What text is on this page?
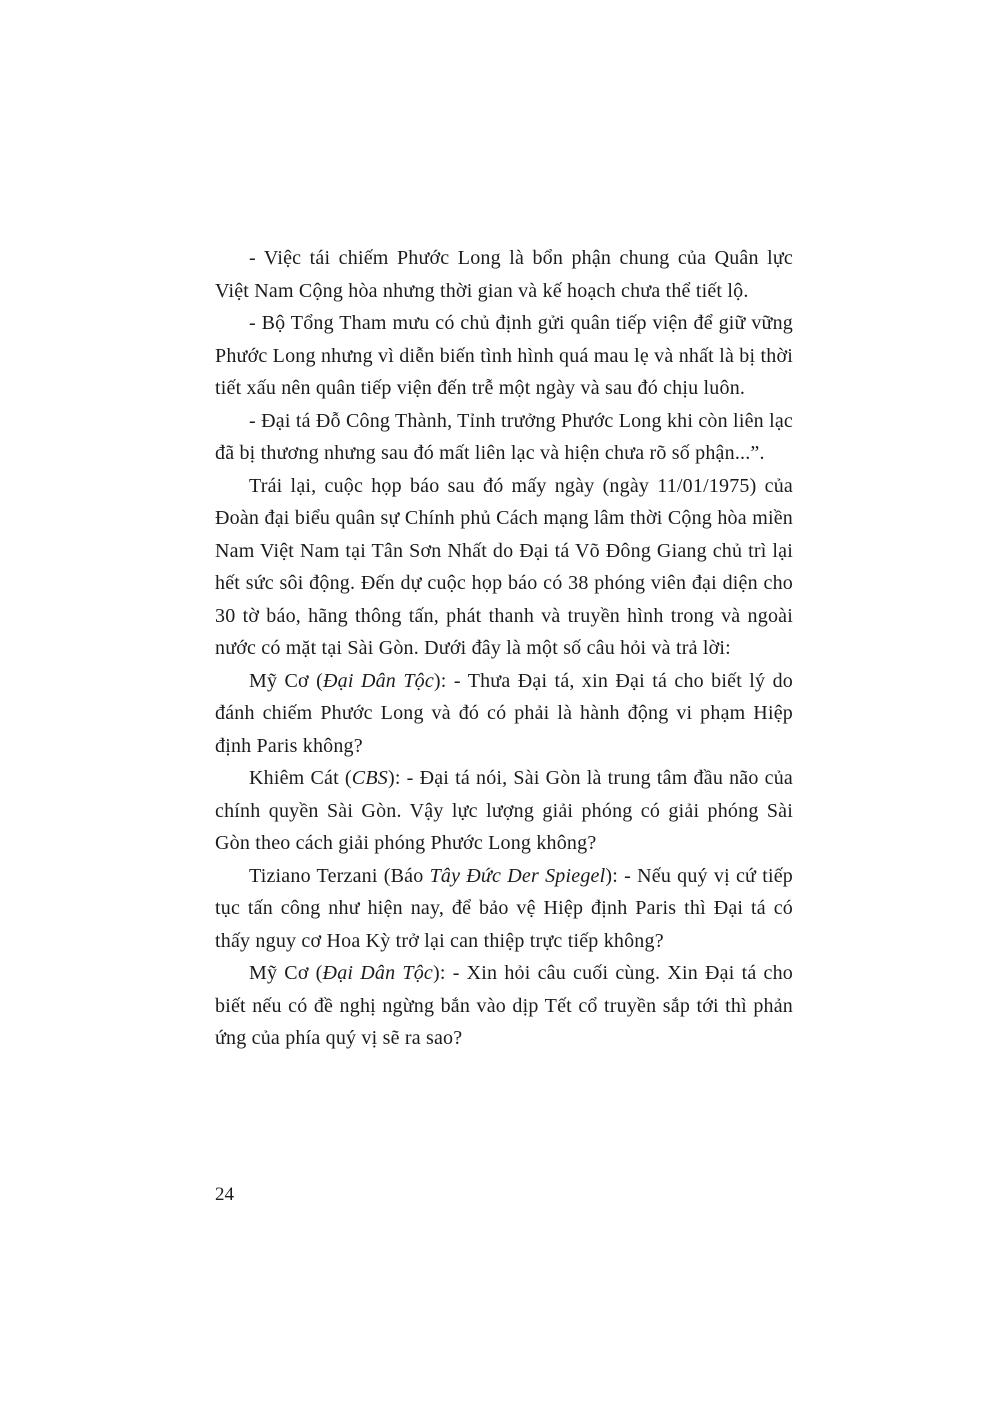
- Việc tái chiếm Phước Long là bổn phận chung của Quân lực Việt Nam Cộng hòa nhưng thời gian và kế hoạch chưa thể tiết lộ.

- Bộ Tổng Tham mưu có chủ định gửi quân tiếp viện để giữ vững Phước Long nhưng vì diễn biến tình hình quá mau lẹ và nhất là bị thời tiết xấu nên quân tiếp viện đến trễ một ngày và sau đó chịu luôn.

- Đại tá Đỗ Công Thành, Tỉnh trưởng Phước Long khi còn liên lạc đã bị thương nhưng sau đó mất liên lạc và hiện chưa rõ số phận...”.

Trái lại, cuộc họp báo sau đó mấy ngày (ngày 11/01/1975) của Đoàn đại biểu quân sự Chính phủ Cách mạng lâm thời Cộng hòa miền Nam Việt Nam tại Tân Sơn Nhất do Đại tá Võ Đông Giang chủ trì lại hết sức sôi động. Đến dự cuộc họp báo có 38 phóng viên đại diện cho 30 tờ báo, hãng thông tấn, phát thanh và truyền hình trong và ngoài nước có mặt tại Sài Gòn. Dưới đây là một số câu hỏi và trả lời:

Mỹ Cơ (Đại Dân Tộc): - Thưa Đại tá, xin Đại tá cho biết lý do đánh chiếm Phước Long và đó có phải là hành động vi phạm Hiệp định Paris không?

Khiêm Cát (CBS): - Đại tá nói, Sài Gòn là trung tâm đầu não của chính quyền Sài Gòn. Vậy lực lượng giải phóng có giải phóng Sài Gòn theo cách giải phóng Phước Long không?

Tiziano Terzani (Báo Tây Đức Der Spiegel): - Nếu quý vị cứ tiếp tục tấn công như hiện nay, để bảo vệ Hiệp định Paris thì Đại tá có thấy nguy cơ Hoa Kỳ trở lại can thiệp trực tiếp không?

Mỹ Cơ (Đại Dân Tộc): - Xin hỏi câu cuối cùng. Xin Đại tá cho biết nếu có đề nghị ngừng bắn vào dịp Tết cổ truyền sắp tới thì phản ứng của phía quý vị sẽ ra sao?

24
